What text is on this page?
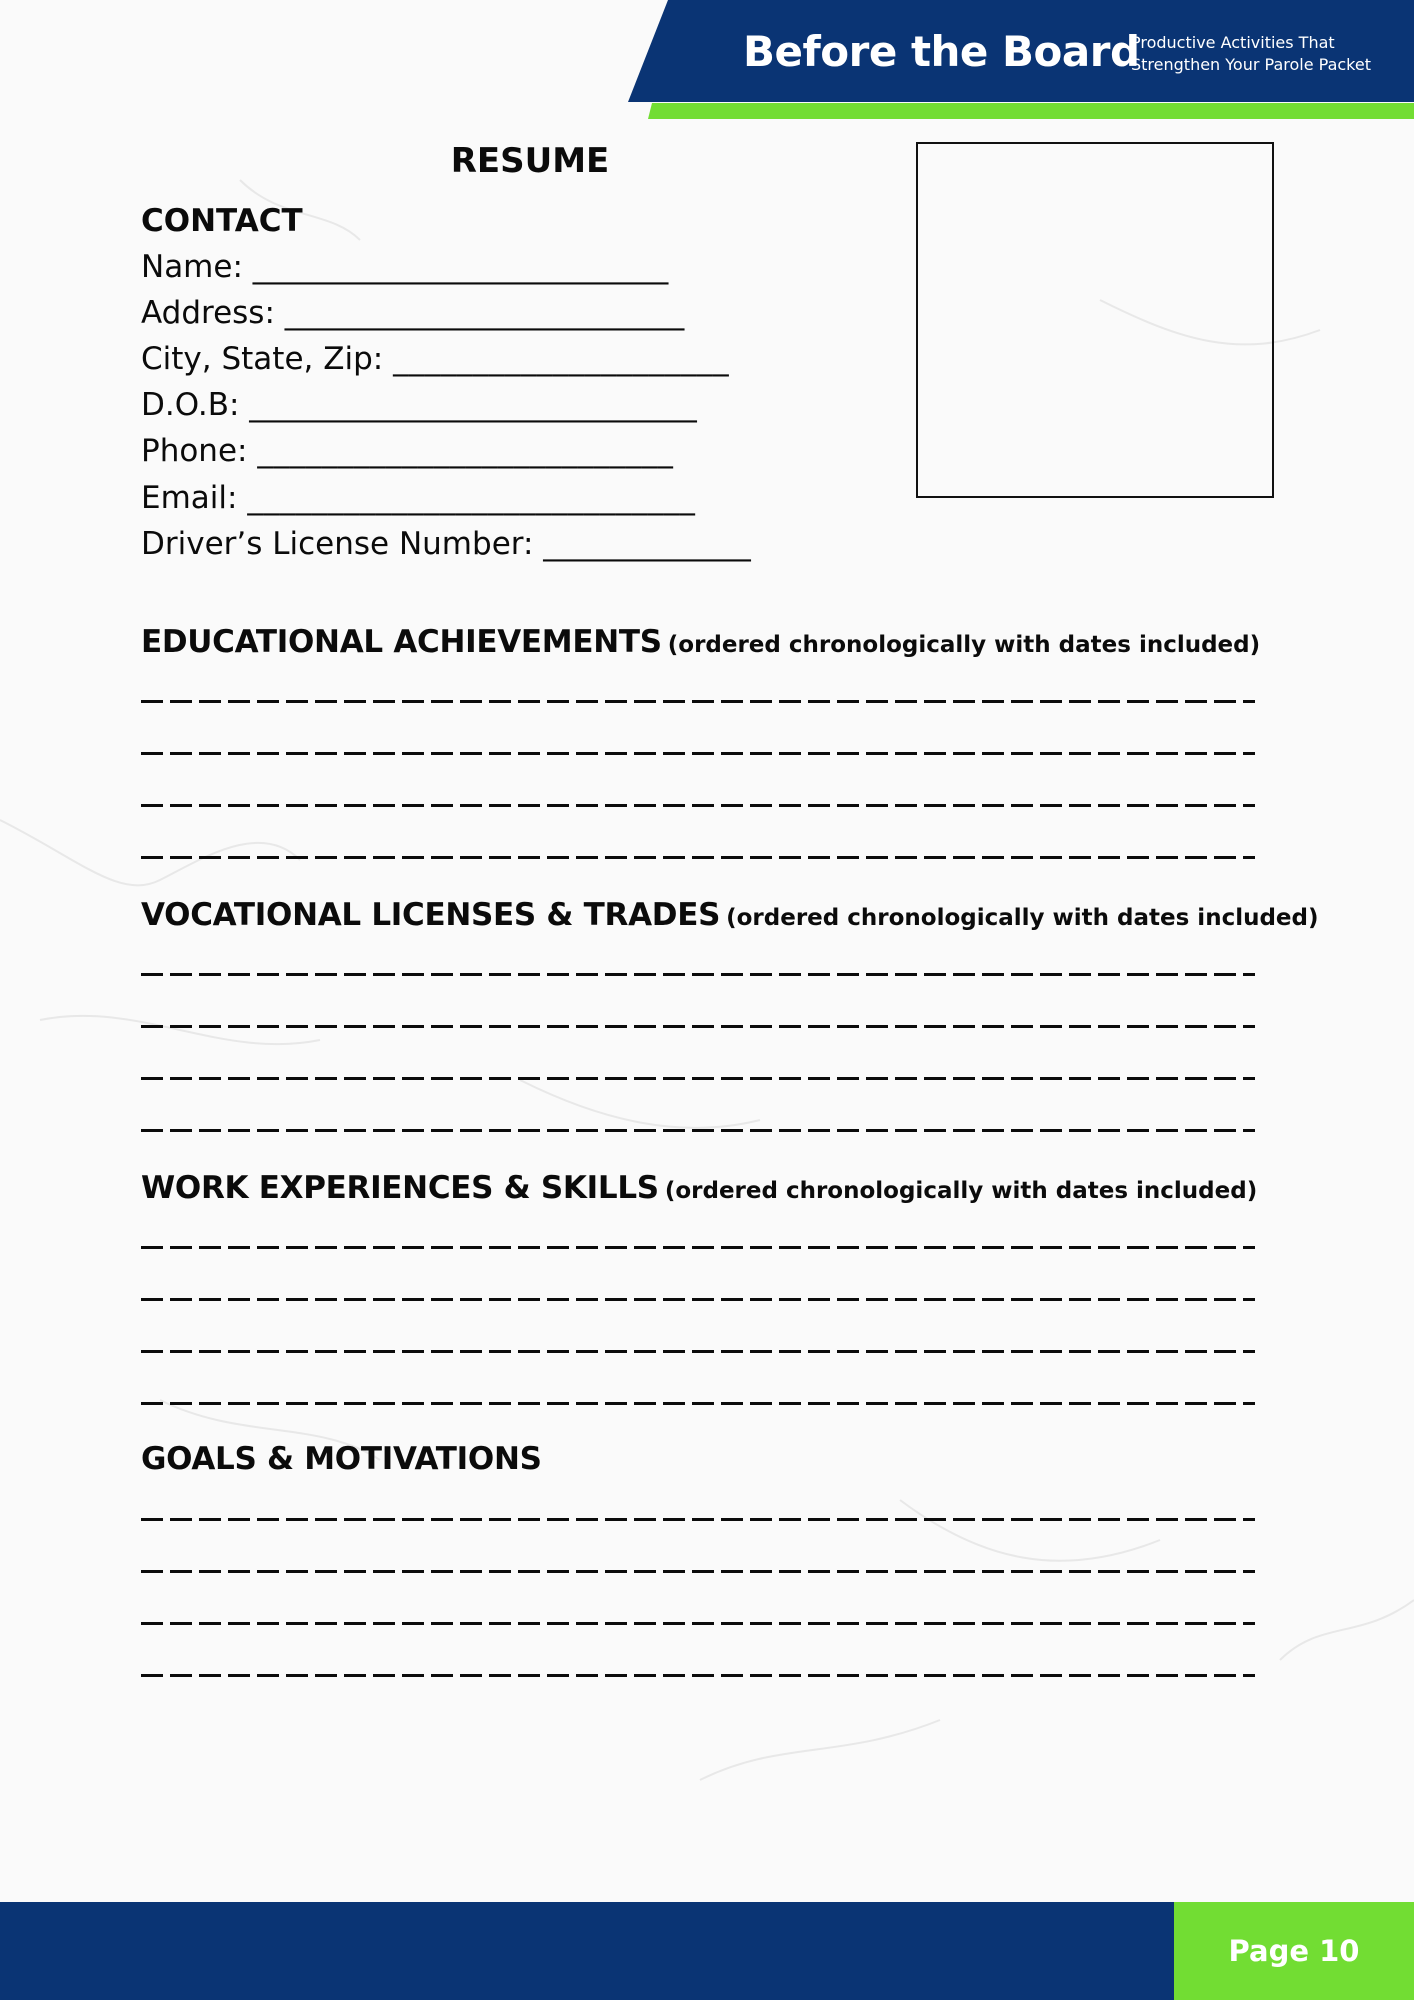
Before the Board
Productive Activities That
Strengthen Your Parole Packet
RESUME
CONTACT
Name: __________________________
Address: _________________________
City, State, Zip: _____________________
D.O.B: ____________________________
Phone: __________________________
Email: ____________________________
Driver’s License Number: _____________
EDUCATIONAL ACHIEVEMENTS (ordered chronologically with dates included)
VOCATIONAL LICENSES & TRADES (ordered chronologically with dates included)
WORK EXPERIENCES & SKILLS (ordered chronologically with dates included)
GOALS & MOTIVATIONS
Page 10
